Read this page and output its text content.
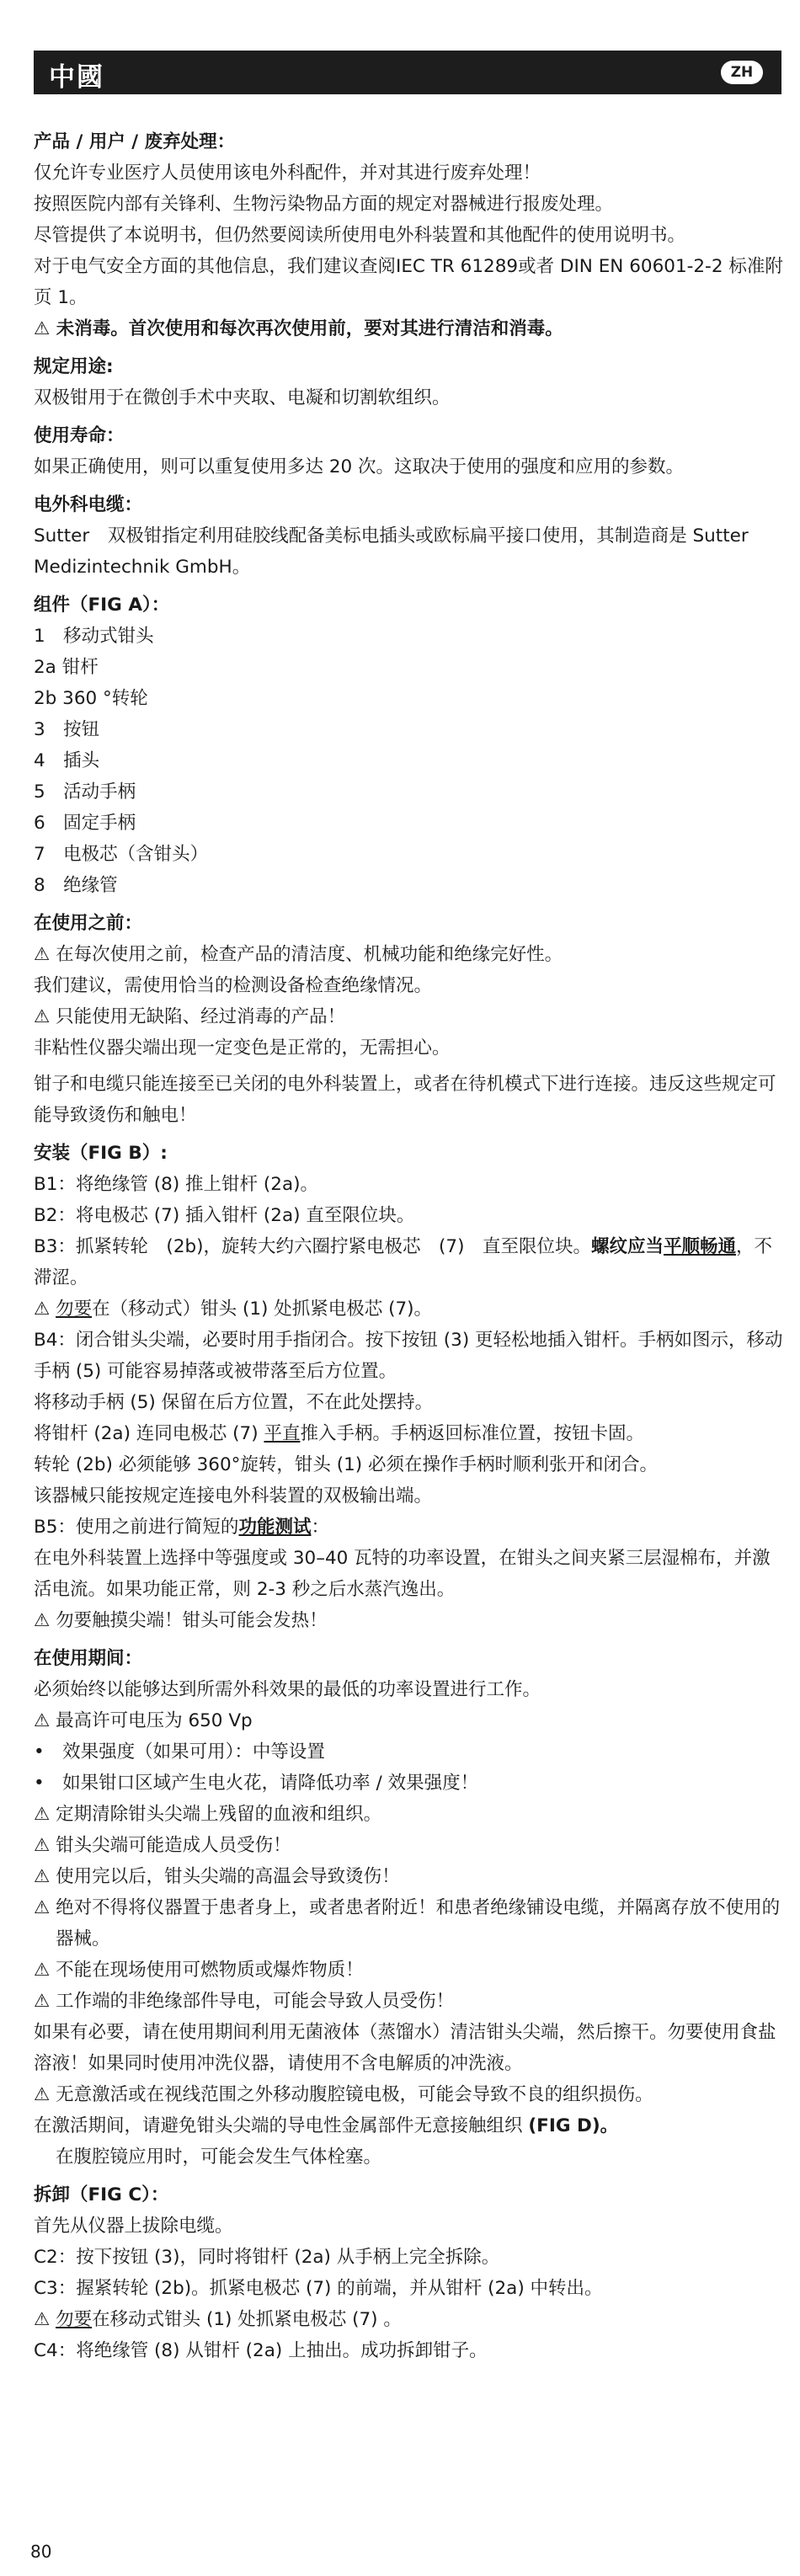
中國	ZH
产品 / 用户 / 废弃处理：
仅允许专业医疗人员使用该电外科配件，并对其进行废弃处理！
按照医院内部有关锋利、生物污染物品方面的规定对器械进行报废处理。
尽管提供了本说明书，但仍然要阅读所使用电外科装置和其他配件的使用说明书。
对于电气安全方面的其他信息，我们建议查阅IEC TR 61289或者 DIN EN 60601-2-2 标准附页 1。
⚠ 未消毒。首次使用和每次再次使用前，要对其进行清洁和消毒。
规定用途:
双极钳用于在微创手术中夹取、电凝和切割软组织。
使用寿命：
如果正确使用，则可以重复使用多达 20 次。这取决于使用的强度和应用的参数。
电外科电缆：
Sutter　双极钳指定利用硅胶线配备美标电插头或欧标扁平接口使用，其制造商是 Sutter Medizintechnik GmbH。
组件（FIG A）：
1　移动式钳头
2a 钳杆
2b 360 °转轮
3　按钮
4　插头
5　活动手柄
6　固定手柄
7　电极芯（含钳头）
8　绝缘管
在使用之前：
⚠ 在每次使用之前，检查产品的清洁度、机械功能和绝缘完好性。
我们建议，需使用恰当的检测设备检查绝缘情况。
⚠ 只能使用无缺陷、经过消毒的产品！
非粘性仪器尖端出现一定变色是正常的，无需担心。
钳子和电缆只能连接至已关闭的电外科装置上，或者在待机模式下进行连接。违反这些规定可能导致烫伤和触电！
安装（FIG B）:
B1：将绝缘管 (8) 推上钳杆 (2a)。
B2：将电极芯 (7) 插入钳杆 (2a) 直至限位块。
B3：抓紧转轮　(2b)，旋转大约六圈拧紧电极芯　(7)　直至限位块。螺纹应当平顺畅通，不滞涩。
⚠ 勿要在（移动式）钳头 (1) 处抓紧电极芯 (7)。
B4：闭合钳头尖端，必要时用手指闭合。按下按钮 (3) 更轻松地插入钳杆。手柄如图示，移动手柄 (5) 可能容易掉落或被带落至后方位置。
将移动手柄 (5) 保留在后方位置，不在此处摆持。
将钳杆 (2a) 连同电极芯 (7) 平直推入手柄。手柄返回标准位置，按钮卡固。
转轮 (2b) 必须能够 360°旋转，钳头 (1) 必须在操作手柄时顺利张开和闭合。
该器械只能按规定连接电外科装置的双极输出端。
B5：使用之前进行简短的功能测试：
在电外科装置上选择中等强度或 30–40 瓦特的功率设置，在钳头之间夹紧三层湿棉布，并激活电流。如果功能正常，则 2-3 秒之后水蒸汽逸出。
⚠ 勿要触摸尖端！钳头可能会发热！
在使用期间：
必须始终以能够达到所需外科效果的最低的功率设置进行工作。
⚠ 最高许可电压为 650 Vp
•　效果强度（如果可用）：中等设置
•　如果钳口区域产生电火花，请降低功率 / 效果强度！
⚠ 定期清除钳头尖端上残留的血液和组织。
⚠ 钳头尖端可能造成人员受伤！
⚠ 使用完以后，钳头尖端的高温会导致烫伤！
⚠ 绝对不得将仪器置于患者身上，或者患者附近！和患者绝缘铺设电缆，并隔离存放不使用的器械。
⚠ 不能在现场使用可燃物质或爆炸物质！
⚠ 工作端的非绝缘部件导电，可能会导致人员受伤！
如果有必要，请在使用期间利用无菌液体（蒸馏水）清洁钳头尖端，然后擦干。勿要使用食盐溶液！如果同时使用冲洗仪器，请使用不含电解质的冲洗液。
⚠ 无意激活或在视线范围之外移动腹腔镜电极，可能会导致不良的组织损伤。
在激活期间，请避免钳头尖端的导电性金属部件无意接触组织 (FIG D)。
在腹腔镜应用时，可能会发生气体栓塞。
拆卸（FIG C）：
首先从仪器上拔除电缆。
C2：按下按钮 (3)，同时将钳杆 (2a) 从手柄上完全拆除。
C3：握紧转轮 (2b)。抓紧电极芯 (7) 的前端，并从钳杆 (2a) 中转出。
⚠ 勿要在移动式钳头 (1) 处抓紧电极芯 (7) 。
C4：将绝缘管 (8) 从钳杆 (2a) 上抽出。成功拆卸钳子。
80
